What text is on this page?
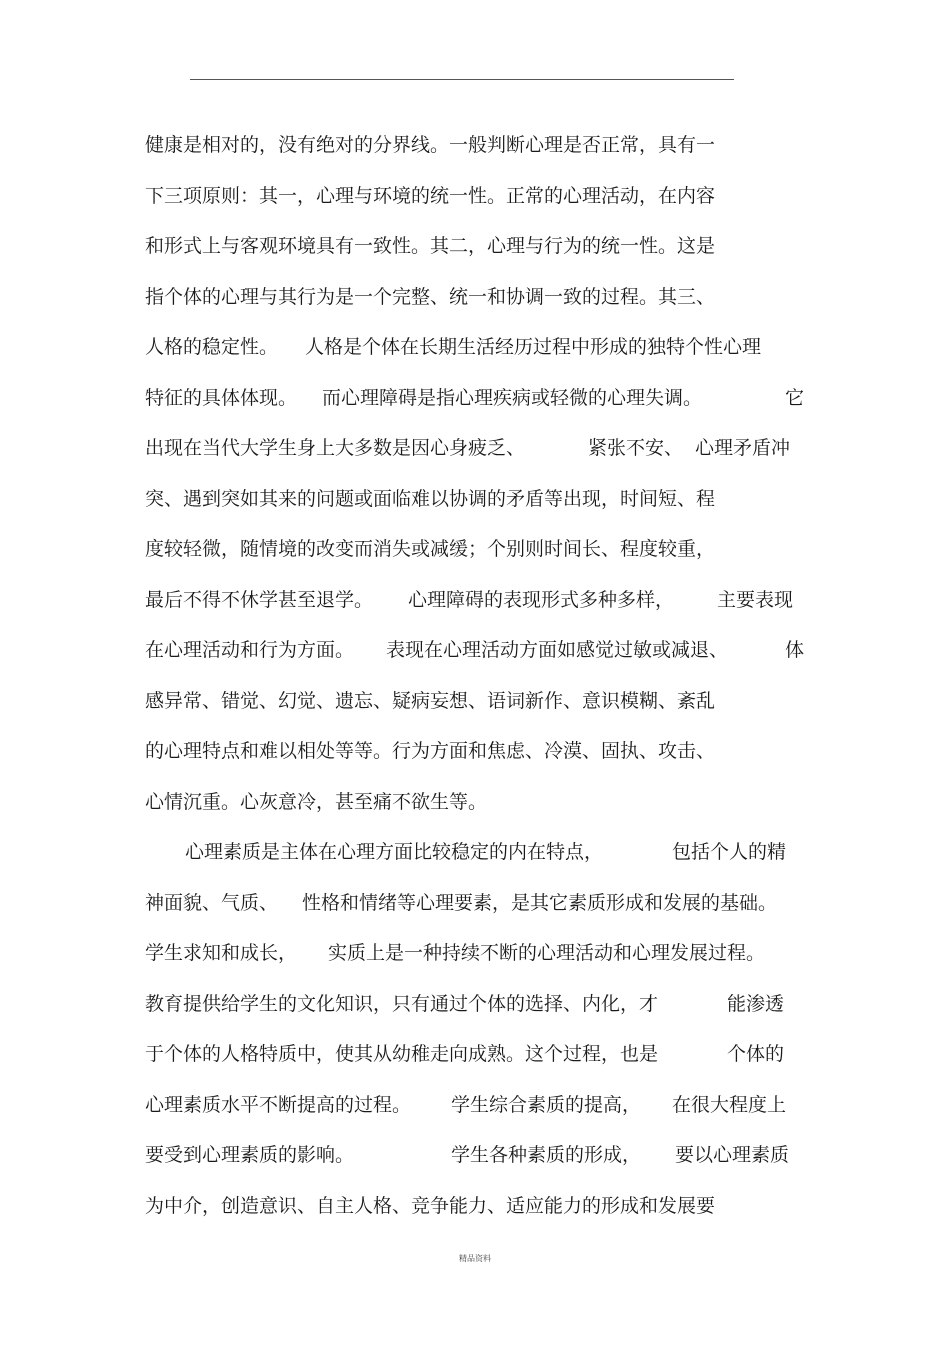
健康是相对的，没有绝对的分界线。一般判断心理是否正常，具有一
下三项原则：其一，心理与环境的统一性。正常的心理活动，在内容
和形式上与客观环境具有一致性。其二，心理与行为的统一性。这是
指个体的心理与其行为是一个完整、统一和协调一致的过程。其三、
人格的稳定性。 人格是个体在长期生活经历过程中形成的独特个性心理
特征的具体体现。 而心理障碍是指心理疾病或轻微的心理失调。	它
出现在当代大学生身上大多数是因心身疲乏、	紧张不安、 心理矛盾冲
突、遇到突如其来的问题或面临难以协调的矛盾等出现，时间短、程
度较轻微，随情境的改变而消失或减缓；个别则时间长、程度较重，
最后不得不休学甚至退学。 心理障碍的表现形式多种多样， 主要表现
在心理活动和行为方面。 表现在心理活动方面如感觉过敏或减退、	体
感异常、错觉、幻觉、遗忘、疑病妄想、语词新作、意识模糊、紊乱
的心理特点和难以相处等等。行为方面和焦虑、冷漠、固执、攻击、
心情沉重。心灰意冷，甚至痛不欲生等。
心理素质是主体在心理方面比较稳定的内在特点，	包括个人的精
神面貌、气质、 性格和情绪等心理要素，是其它素质形成和发展的基础。
学生求知和成长， 实质上是一种持续不断的心理活动和心理发展过程。
教育提供给学生的文化知识，只有通过个体的选择、内化，才	能渗透
于个体的人格特质中，使其从幼稚走向成熟。这个过程，也是	个体的
心理素质水平不断提高的过程。 学生综合素质的提高， 在很大程度上
要受到心理素质的影响。	学生各种素质的形成， 要以心理素质
为中介，创造意识、自主人格、竞争能力、适应能力的形成和发展要
精品资料
